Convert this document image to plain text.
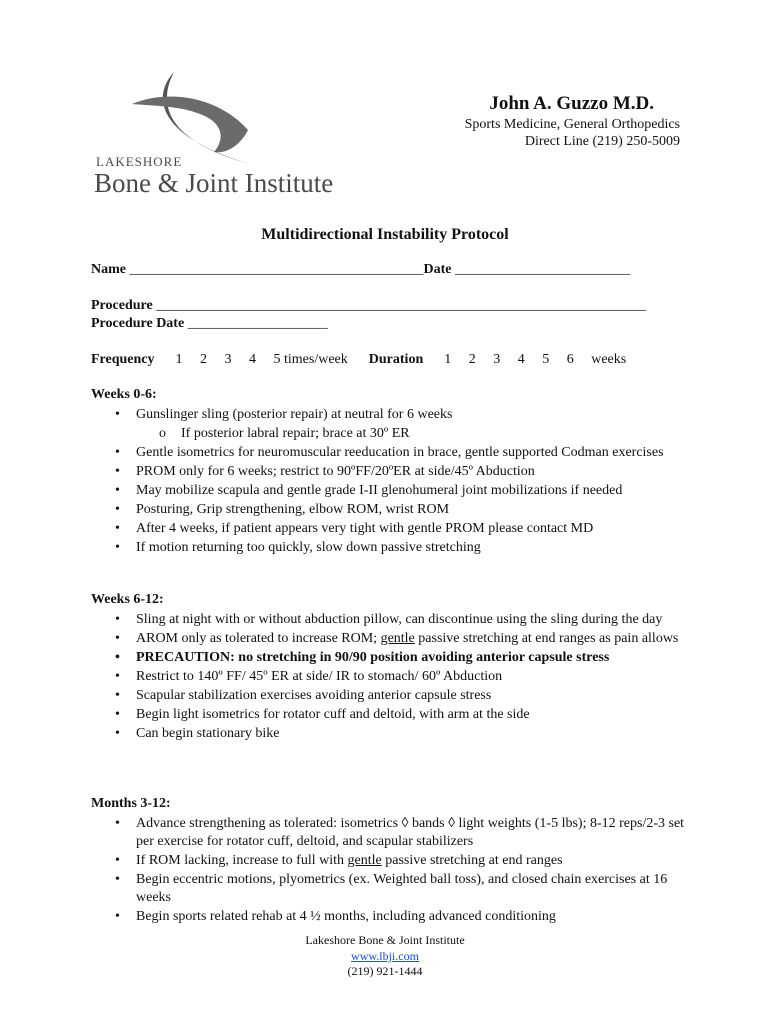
LAKESHORE
Bone & Joint Institute
John A. Guzzo M.D.
Sports Medicine, General Orthopedics
Direct Line (219) 250-5009
Multidirectional Instability Protocol
Name __________________________________________Date _________________________
Procedure ______________________________________________________________________
Procedure Date ____________________
Frequency 1 2 3 4 5 times/week Duration 1 2 3 4 5 6 weeks
Weeks 0-6:
• Gunslinger sling (posterior repair) at neutral for 6 weeks
o If posterior labral repair; brace at 30º ER
• Gentle isometrics for neuromuscular reeducation in brace, gentle supported Codman exercises
• PROM only for 6 weeks; restrict to 90ºFF/20ºER at side/45º Abduction
• May mobilize scapula and gentle grade I-II glenohumeral joint mobilizations if needed
• Posturing, Grip strengthening, elbow ROM, wrist ROM
• After 4 weeks, if patient appears very tight with gentle PROM please contact MD
• If motion returning too quickly, slow down passive stretching
Weeks 6-12:
• Sling at night with or without abduction pillow, can discontinue using the sling during the day
• AROM only as tolerated to increase ROM; gentle passive stretching at end ranges as pain allows
• PRECAUTION: no stretching in 90/90 position avoiding anterior capsule stress
• Restrict to 140º FF/ 45º ER at side/ IR to stomach/ 60º Abduction
• Scapular stabilization exercises avoiding anterior capsule stress
• Begin light isometrics for rotator cuff and deltoid, with arm at the side
• Can begin stationary bike
Months 3-12:
• Advance strengthening as tolerated: isometrics ◊ bands ◊ light weights (1-5 lbs); 8-12 reps/2-3 set per exercise for rotator cuff, deltoid, and scapular stabilizers
• If ROM lacking, increase to full with gentle passive stretching at end ranges
• Begin eccentric motions, plyometrics (ex. Weighted ball toss), and closed chain exercises at 16 weeks
• Begin sports related rehab at 4 ½ months, including advanced conditioning
Lakeshore Bone & Joint Institute
www.lbji.com
(219) 921-1444
